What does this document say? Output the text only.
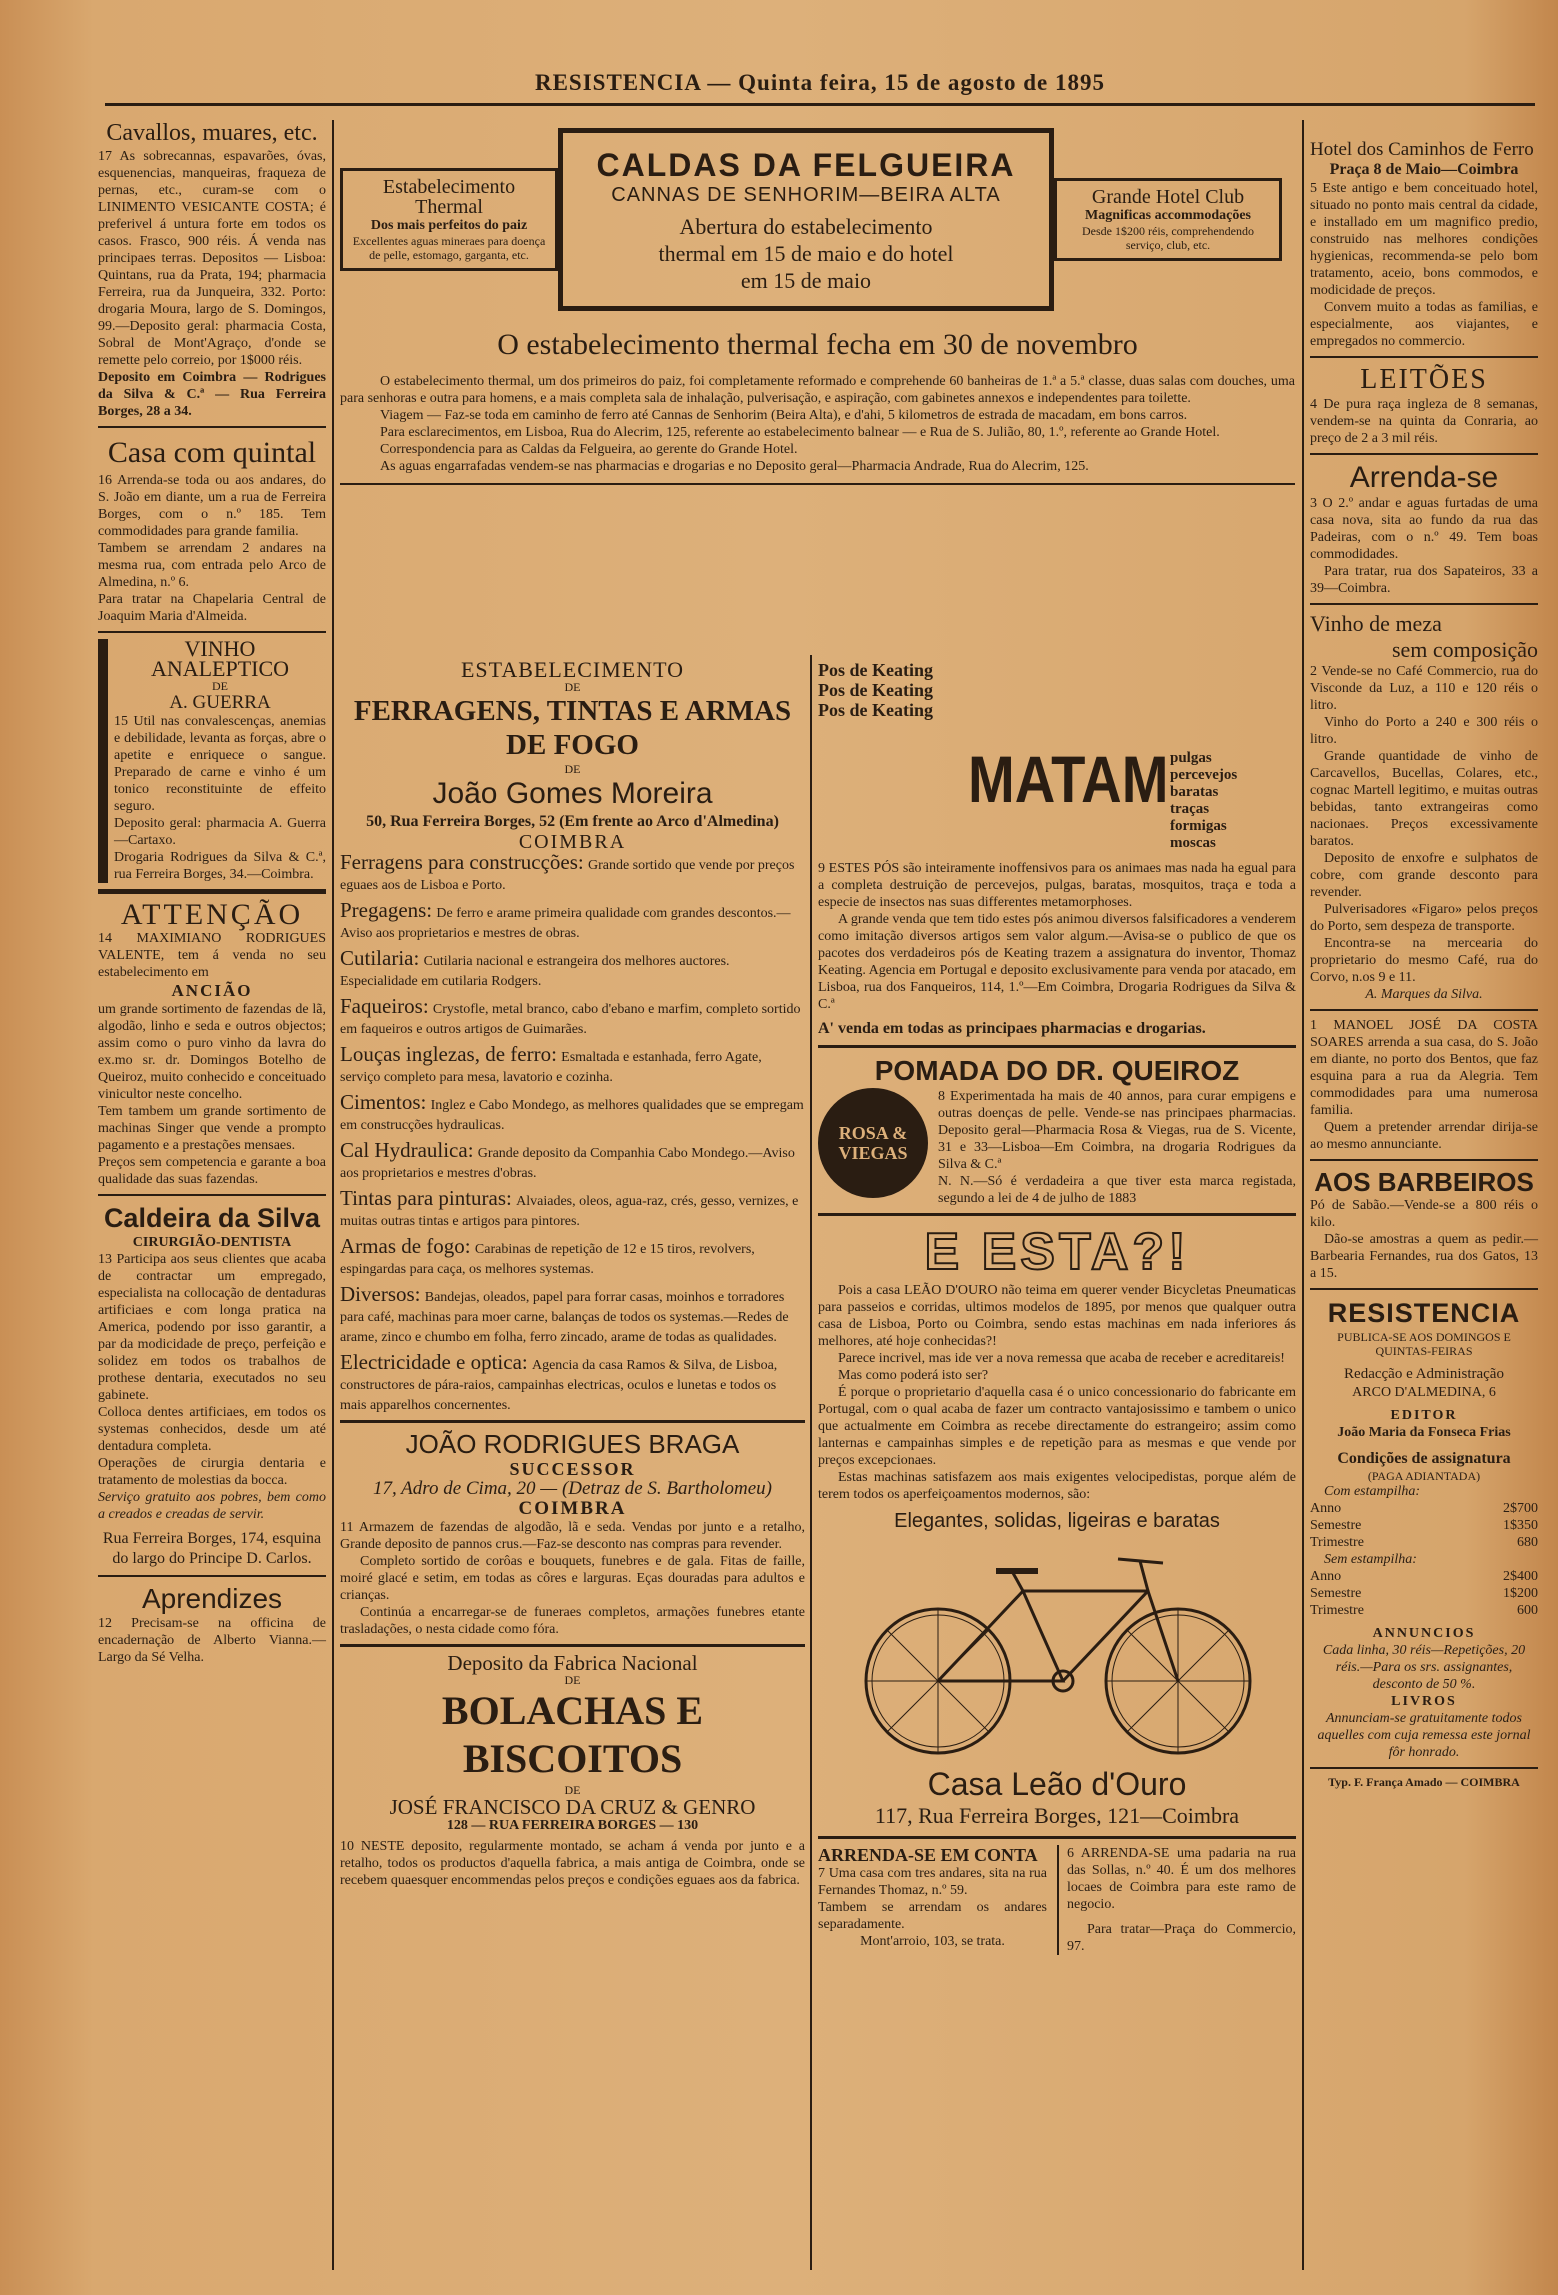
RESISTENCIA — Quinta feira, 15 de agosto de 1895
Cavallos, muares, etc.

17 As sobrecannas, espavarões, óvas, esquenencias, manqueiras, fraqueza de pernas, etc., curam-se com o LINIMENTO VESICANTE COSTA; é preferivel á untura forte em todos os casos. Frasco, 900 réis. Á venda nas principaes terras. Depositos — Lisboa: Quintans, rua da Prata, 194; pharmacia Ferreira, rua da Junqueira, 332. Porto: drogaria Moura, largo de S. Domingos, 99.—Deposito geral: pharmacia Costa, Sobral de Mont'Agraço, d'onde se remette pelo correio, por 1$000 réis.

Deposito em Coimbra — Rodrigues da Silva & C.ª — Rua Ferreira Borges, 28 a 34.

Casa com quintal

16 Arrenda-se toda ou aos andares, do S. João em diante, um a rua de Ferreira Borges, com o n.º 185. Tem commodidades para grande familia.

Tambem se arrendam 2 andares na mesma rua, com entrada pelo Arco de Almedina, n.º 6.

Para tratar na Chapelaria Central de Joaquim Maria d'Almeida.

VINHO ANALEPTICO
DE
A. GUERRA

15 Util nas convalescenças, anemias e debilidade, levanta as forças, abre o apetite e enriquece o sangue. Preparado de carne e vinho é um tonico reconstituinte de effeito seguro.

Deposito geral: pharmacia A. Guerra—Cartaxo.

Drogaria Rodrigues da Silva & C.ª, rua Ferreira Borges, 34.—Coimbra.

ATTENÇÃO

14 MAXIMIANO RODRIGUES VALENTE, tem á venda no seu estabelecimento em

ANCIÃO

um grande sortimento de fazendas de lã, algodão, linho e seda e outros objectos; assim como o puro vinho da lavra do ex.mo sr. dr. Domingos Botelho de Queiroz, muito conhecido e conceituado vinicultor neste concelho.

Tem tambem um grande sortimento de machinas Singer que vende a prompto pagamento e a prestações mensaes.

Preços sem competencia e garante a boa qualidade das suas fazendas.

Caldeira da Silva
CIRURGIÃO-DENTISTA

13 Participa aos seus clientes que acaba de contractar um empregado, especialista na collocação de dentaduras artificiaes e com longa pratica na America, podendo por isso garantir, a par da modicidade de preço, perfeição e solidez em todos os trabalhos de prothese dentaria, executados no seu gabinete.

Colloca dentes artificiaes, em todos os systemas conhecidos, desde um até dentadura completa.

Operações de cirurgia dentaria e tratamento de molestias da bocca.

Serviço gratuito aos pobres, bem como a creados e creadas de servir.

Rua Ferreira Borges, 174, esquina do largo do Principe D. Carlos.

Aprendizes

12 Precisam-se na officina de encadernação de Alberto Vianna.—Largo da Sé Velha.

Estabelecimento Thermal
Dos mais perfeitos do paiz
Excellentes aguas mineraes para doença de pelle, estomago, garganta, etc.
CALDAS DA FELGUEIRA
CANNAS DE SENHORIM—BEIRA ALTA
Abertura do estabelecimento thermal em 15 de maio e do hotel em 15 de maio
Grande Hotel Club
Magnificas accommodações
Desde 1$200 réis, comprehendendo serviço, club, etc.
O estabelecimento thermal fecha em 30 de novembro

O estabelecimento thermal, um dos primeiros do paiz, foi completamente reformado e comprehende 60 banheiras de 1.ª a 5.ª classe, duas salas com douches, uma para senhoras e outra para homens, e a mais completa sala de inhalação, pulverisação, e aspiração, com gabinetes annexos e independentes para toilette.

Viagem — Faz-se toda em caminho de ferro até Cannas de Senhorim (Beira Alta), e d'ahi, 5 kilometros de estrada de macadam, em bons carros.

Para esclarecimentos, em Lisboa, Rua do Alecrim, 125, referente ao estabelecimento balnear — e Rua de S. Julião, 80, 1.º, referente ao Grande Hotel.

Correspondencia para as Caldas da Felgueira, ao gerente do Grande Hotel.

As aguas engarrafadas vendem-se nas pharmacias e drogarias e no Deposito geral—Pharmacia Andrade, Rua do Alecrim, 125.

ESTABELECIMENTO
DE
FERRAGENS, TINTAS E ARMAS DE FOGO
DE
João Gomes Moreira
50, Rua Ferreira Borges, 52 (Em frente ao Arco d'Almedina)
COIMBRA
Ferragens para construcções: Grande sortido que vende por preços eguaes aos de Lisboa e Porto.
Pregagens: De ferro e arame primeira qualidade com grandes descontos.—Aviso aos proprietarios e mestres de obras.
Cutilaria: Cutilaria nacional e estrangeira dos melhores auctores. Especialidade em cutilaria Rodgers.
Faqueiros: Crystofle, metal branco, cabo d'ebano e marfim, completo sortido em faqueiros e outros artigos de Guimarães.
Louças inglezas, de ferro: Esmaltada e estanhada, ferro Agate, serviço completo para mesa, lavatorio e cozinha.
Cimentos: Inglez e Cabo Mondego, as melhores qualidades que se empregam em construcções hydraulicas.
Cal Hydraulica: Grande deposito da Companhia Cabo Mondego.—Aviso aos proprietarios e mestres d'obras.
Tintas para pinturas: Alvaiades, oleos, agua-raz, crés, gesso, vernizes, e muitas outras tintas e artigos para pintores.
Armas de fogo: Carabinas de repetição de 12 e 15 tiros, revolvers, espingardas para caça, os melhores systemas.
Diversos: Bandejas, oleados, papel para forrar casas, moinhos e torradores para café, machinas para moer carne, balanças de todos os systemas.—Redes de arame, zinco e chumbo em folha, ferro zincado, arame de todas as qualidades.
Electricidade e optica: Agencia da casa Ramos & Silva, de Lisboa, constructores de pára-raios, campainhas electricas, oculos e lunetas e todos os mais apparelhos concernentes.
JOÃO RODRIGUES BRAGA
SUCCESSOR
17, Adro de Cima, 20 — (Detraz de S. Bartholomeu)
COIMBRA

11 Armazem de fazendas de algodão, lã e seda. Vendas por junto e a retalho, Grande deposito de pannos crus.—Faz-se desconto nas compras para revender.

Completo sortido de corôas e bouquets, funebres e de gala. Fitas de faille, moiré glacé e setim, em todas as côres e larguras. Eças douradas para adultos e crianças.

Continúa a encarregar-se de funeraes completos, armações funebres etante trasladações, o nesta cidade como fóra.

Deposito da Fabrica Nacional
DE
BOLACHAS E BISCOITOS
DE
JOSÉ FRANCISCO DA CRUZ & GENRO
128 — RUA FERREIRA BORGES — 130

10 NESTE deposito, regularmente montado, se acham á venda por junto e a retalho, todos os productos d'aquella fabrica, a mais antiga de Coimbra, onde se recebem quaesquer encommendas pelos preços e condições eguaes aos da fabrica.

Pos de Keating
Pos de Keating
Pos de Keating
MATAM pulgas
percevejos
baratas
traças
formigas
moscas

9 ESTES PÓS são inteiramente inoffensivos para os animaes mas nada ha egual para a completa destruição de percevejos, pulgas, baratas, mosquitos, traça e toda a especie de insectos nas suas differentes metamorphoses.

A grande venda que tem tido estes pós animou diversos falsificadores a venderem como imitação diversos artigos sem valor algum.—Avisa-se o publico de que os pacotes dos verdadeiros pós de Keating trazem a assignatura do inventor, Thomaz Keating. Agencia em Portugal e deposito exclusivamente para venda por atacado, em Lisboa, rua dos Fanqueiros, 114, 1.º—Em Coimbra, Drogaria Rodrigues da Silva & C.ª

A' venda em todas as principaes pharmacias e drogarias.

POMADA DO DR. QUEIROZ
ROSA & VIEGAS

8 Experimentada ha mais de 40 annos, para curar empigens e outras doenças de pelle. Vende-se nas principaes pharmacias. Deposito geral—Pharmacia Rosa & Viegas, rua de S. Vicente, 31 e 33—Lisboa—Em Coimbra, na drogaria Rodrigues da Silva & C.ª

N. N.—Só é verdadeira a que tiver esta marca registada, segundo a lei de 4 de julho de 1883

E ESTA?!

Pois a casa LEÃO D'OURO não teima em querer vender Bicycletas Pneumaticas para passeios e corridas, ultimos modelos de 1895, por menos que qualquer outra casa de Lisboa, Porto ou Coimbra, sendo estas machinas em nada inferiores ás melhores, até hoje conhecidas?!

Parece incrivel, mas ide ver a nova remessa que acaba de receber e acreditareis!

Mas como poderá isto ser?

É porque o proprietario d'aquella casa é o unico concessionario do fabricante em Portugal, com o qual acaba de fazer um contracto vantajosissimo e tambem o unico que actualmente em Coimbra as recebe directamente do estrangeiro; assim como lanternas e campainhas simples e de repetição para as mesmas e que vende por preços excepcionaes.

Estas machinas satisfazem aos mais exigentes velocipedistas, porque além de terem todos os aperfeiçoamentos modernos, são:

Elegantes, solidas, ligeiras e baratas
Casa Leão d'Ouro
117, Rua Ferreira Borges, 121—Coimbra
ARRENDA-SE EM CONTA

7 Uma casa com tres andares, sita na rua Fernandes Thomaz, n.º 59.

Tambem se arrendam os andares separadamente.

Mont'arroio, 103, se trata.

6 ARRENDA-SE uma padaria na rua das Sollas, n.º 40. É um dos melhores locaes de Coimbra para este ramo de negocio.

Para tratar—Praça do Commercio, 97.

Hotel dos Caminhos de Ferro
Praça 8 de Maio—Coimbra

5 Este antigo e bem conceituado hotel, situado no ponto mais central da cidade, e installado em um magnifico predio, construido nas melhores condições hygienicas, recommenda-se pelo bom tratamento, aceio, bons commodos, e modicidade de preços.

Convem muito a todas as familias, e especialmente, aos viajantes, e empregados no commercio.

LEITÕES

4 De pura raça ingleza de 8 semanas, vendem-se na quinta da Conraria, ao preço de 2 a 3 mil réis.

Arrenda-se

3 O 2.º andar e aguas furtadas de uma casa nova, sita ao fundo da rua das Padeiras, com o n.º 49. Tem boas commodidades.

Para tratar, rua dos Sapateiros, 33 a 39—Coimbra.

Vinho de meza
sem composição

2 Vende-se no Café Commercio, rua do Visconde da Luz, a 110 e 120 réis o litro.

Vinho do Porto a 240 e 300 réis o litro.

Grande quantidade de vinho de Carcavellos, Bucellas, Colares, etc., cognac Martell legitimo, e muitas outras bebidas, tanto extrangeiras como nacionaes. Preços excessivamente baratos.

Deposito de enxofre e sulphatos de cobre, com grande desconto para revender.

Pulverisadores «Figaro» pelos preços do Porto, sem despeza de transporte.

Encontra-se na mercearia do proprietario do mesmo Café, rua do Corvo, n.os 9 e 11.

A. Marques da Silva.

1 MANOEL JOSÉ DA COSTA SOARES arrenda a sua casa, do S. João em diante, no porto dos Bentos, que faz esquina para a rua da Alegria. Tem commodidades para uma numerosa familia.

Quem a pretender arrendar dirija-se ao mesmo annunciante.

AOS BARBEIROS

Pó de Sabão.—Vende-se a 800 réis o kilo.

Dão-se amostras a quem as pedir.—Barbearia Fernandes, rua dos Gatos, 13 a 15.

RESISTENCIA
PUBLICA-SE AOS DOMINGOS E QUINTAS-FEIRAS
Redacção e Administração
ARCO D'ALMEDINA, 6
EDITOR
João Maria da Fonseca Frias
Condições de assignatura
(PAGA ADIANTADA)
Com estampilha:
Anno	2$700
Semestre	1$350
Trimestre	680
Sem estampilha:
Anno	2$400
Semestre	1$200
Trimestre	600
ANNUNCIOS

Cada linha, 30 réis—Repetições, 20 réis.—Para os srs. assignantes, desconto de 50 %.

LIVROS

Annunciam-se gratuitamente todos aquelles com cuja remessa este jornal fôr honrado.

Typ. F. França Amado — COIMBRA
